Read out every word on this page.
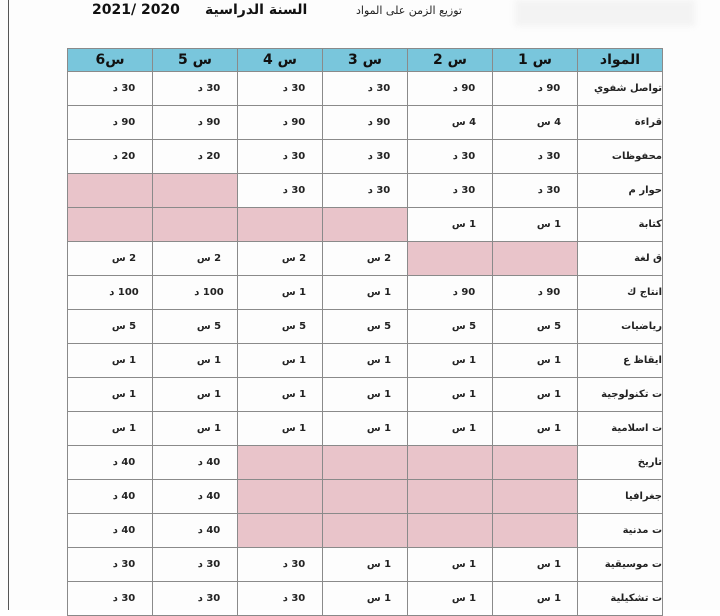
2021/ 2020 السنة الدراسية	توزيع الزمن على المواد
س6	س 5	س 4	س 3	س 2	س 1	المواد
30 د	30 د	30 د	30 د	90 د	90 د	تواصل شفوي
90 د	90 د	90 د	90 د	4 س	4 س	قراءة
20 د	20 د	30 د	30 د	30 د	30 د	محفوظات
		30 د	30 د	30 د	30 د	حوار م
				1 س	1 س	كتابة
2 س	2 س	2 س	2 س			ق لغة
100 د	100 د	1 س	1 س	90 د	90 د	انتاج ك
5 س	5 س	5 س	5 س	5 س	5 س	رياضيات
1 س	1 س	1 س	1 س	1 س	1 س	ايقاظ ع
1 س	1 س	1 س	1 س	1 س	1 س	ت تكنولوجية
1 س	1 س	1 س	1 س	1 س	1 س	ت اسلامية
40 د	40 د					تاريخ
40 د	40 د					جغرافيا
40 د	40 د					ت مدنية
30 د	30 د	30 د	1 س	1 س	1 س	ت موسيقية
30 د	30 د	30 د	1 س	1 س	1 س	ت تشكيلية
